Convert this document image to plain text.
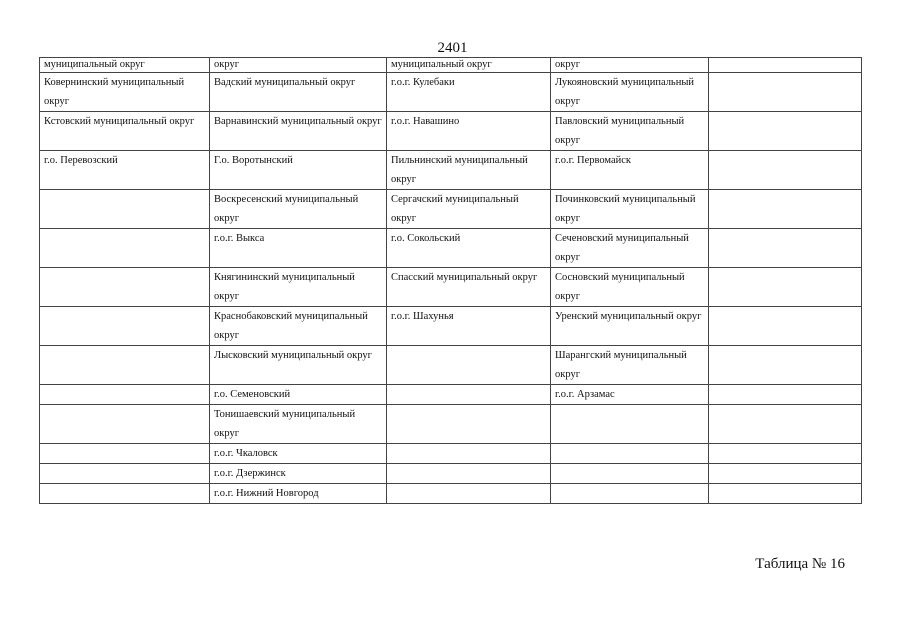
2401
муниципальный округ	округ	муниципальный округ	округ	
Ковернинский муниципальный округ	Вадский муниципальный округ	г.о.г. Кулебаки	Лукояновский муниципальный округ	
Кстовский муниципальный округ	Варнавинский муниципальный округ	г.о.г. Навашино	Павловский муниципальный округ	
г.о. Перевозский	Г.о. Воротынский	Пильнинский муниципальный округ	г.о.г. Первомайск	
	Воскресенский муниципальный округ	Сергачский муниципальный округ	Починковский муниципальный округ	
	г.о.г. Выкса	г.о. Сокольский	Сеченовский муниципальный округ	
	Княгининский муниципальный округ	Спасский муниципальный округ	Сосновский муниципальный округ	
	Краснобаковский муниципальный округ	г.о.г. Шахунья	Уренский муниципальный округ	
	Лысковский муниципальный округ		Шарангский муниципальный округ	
	г.о. Семеновский		г.о.г. Арзамас	
	Тонишаевский муниципальный округ			
	г.о.г. Чкаловск			
	г.о.г. Дзержинск			
	г.о.г. Нижний Новгород			
Таблица № 16
